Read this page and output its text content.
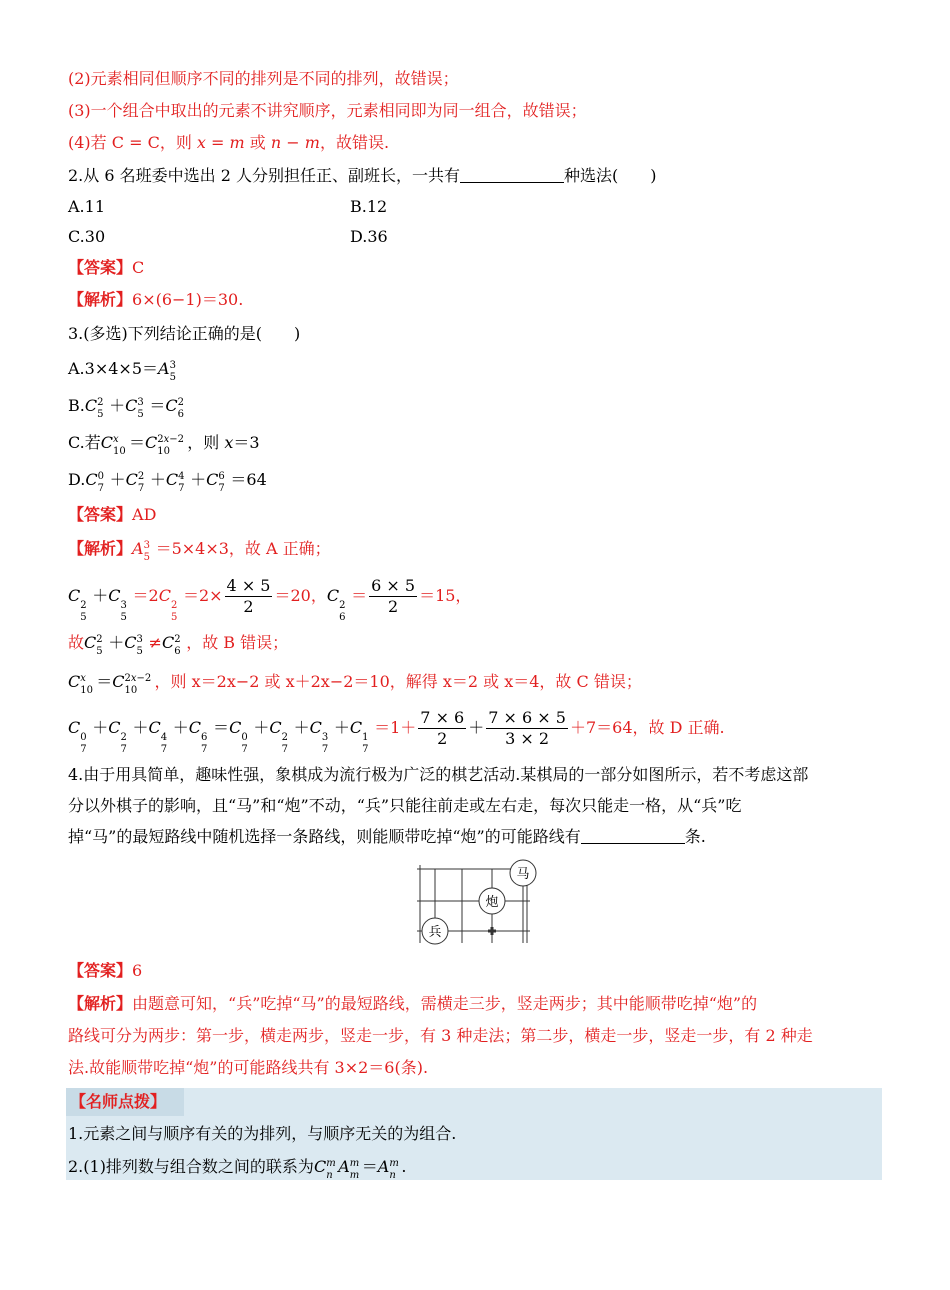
(2)元素相同但顺序不同的排列是不同的排列，故错误；
(3)一个组合中取出的元素不讲究顺序，元素相同即为同一组合，故错误；
(4)若 C = C，则 x = m 或 n − m，故错误.
2.从 6 名班委中选出 2 人分别担任正、副班长，一共有	种选法(　　)
A.11	B.12
C.30	D.36
【答案】C
【解析】6×(6−1)＝30.
3.(多选)下列结论正确的是(　　)
A.3×4×5＝A 3
5
B.C 2
5 ＋C 3
5 ＝C 2
6
C.若C x
10 ＝C 2x−2
10 ，则 x＝3
D.C 0
7 ＋C 2
7 ＋C 4
7 ＋C 6
7 ＝64
【答案】AD
【解析】A 3
5 ＝5×4×3，故 A 正确；
C
2
5
＋C
3
5
＝2C
2
5
$=2\times \frac{4 \times 5}{2} =20$，C
2
6
＝ $\frac{6 \times 5}{2} =15$，
故C 2
5 ＋C 3
5 ≠C 2
6 ，故 B 错误；
C x
10 ＝C 2x−2
10 ，则 x＝2x−2 或 x＋2x−2＝10，解得 x＝2 或 x＝4，故 C 错误；
C
0
7
＋C
2
7
＋C
4
7
＋C
6
7
＝C
0
7
＋C
2
7
＋C
3
7
＋C
1
7
$=1+ \frac{7 \times 6}{2} + \frac{7 \times 6 \times 5}{3 \times 2} +7=64$，故 D 正确.
4.由于用具简单，趣味性强，象棋成为流行极为广泛的棋艺活动.某棋局的一部分如图所示，若不考虑这部
分以外棋子的影响，且“马”和“炮”不动，“兵”只能往前走或左右走，每次只能走一格，从“兵”吃
掉“马”的最短路线中随机选择一条路线，则能顺带吃掉“炮”的可能路线有	条.
马
炮
兵
【答案】6
【解析】由题意可知，“兵”吃掉“马”的最短路线，需横走三步，竖走两步；其中能顺带吃掉“炮”的
路线可分为两步：第一步，横走两步，竖走一步，有 3 种走法；第二步，横走一步，竖走一步，有 2 种走
法.故能顺带吃掉“炮”的可能路线共有 3×2＝6(条).
【名师点拨】
1.元素之间与顺序有关的为排列，与顺序无关的为组合.
2.(1)排列数与组合数之间的联系为C m
n A m
m ＝A m
n .
